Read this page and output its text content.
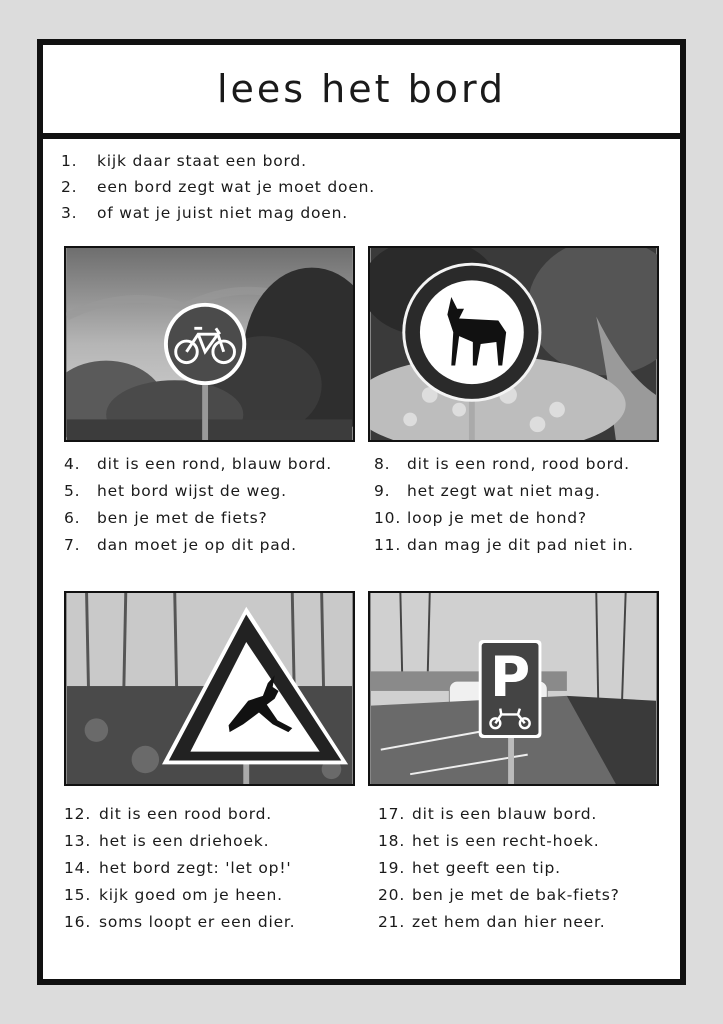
lees het bord
1. kijk daar staat een bord.
2. een bord zegt wat je moet doen.
3. of wat je juist niet mag doen.
4. dit is een rond, blauw bord.
5. het bord wijst de weg.
6. ben je met de fiets?
7. dan moet je op dit pad.
8. dit is een rond, rood bord.
9. het zegt wat niet mag.
10. loop je met de hond?
11. dan mag je dit pad niet in.
P
12. dit is een rood bord.
13. het is een driehoek.
14. het bord zegt: 'let op!'
15. kijk goed om je heen.
16. soms loopt er een dier.
17. dit is een blauw bord.
18. het is een recht-hoek.
19. het geeft een tip.
20. ben je met de bak-fiets?
21. zet hem dan hier neer.
